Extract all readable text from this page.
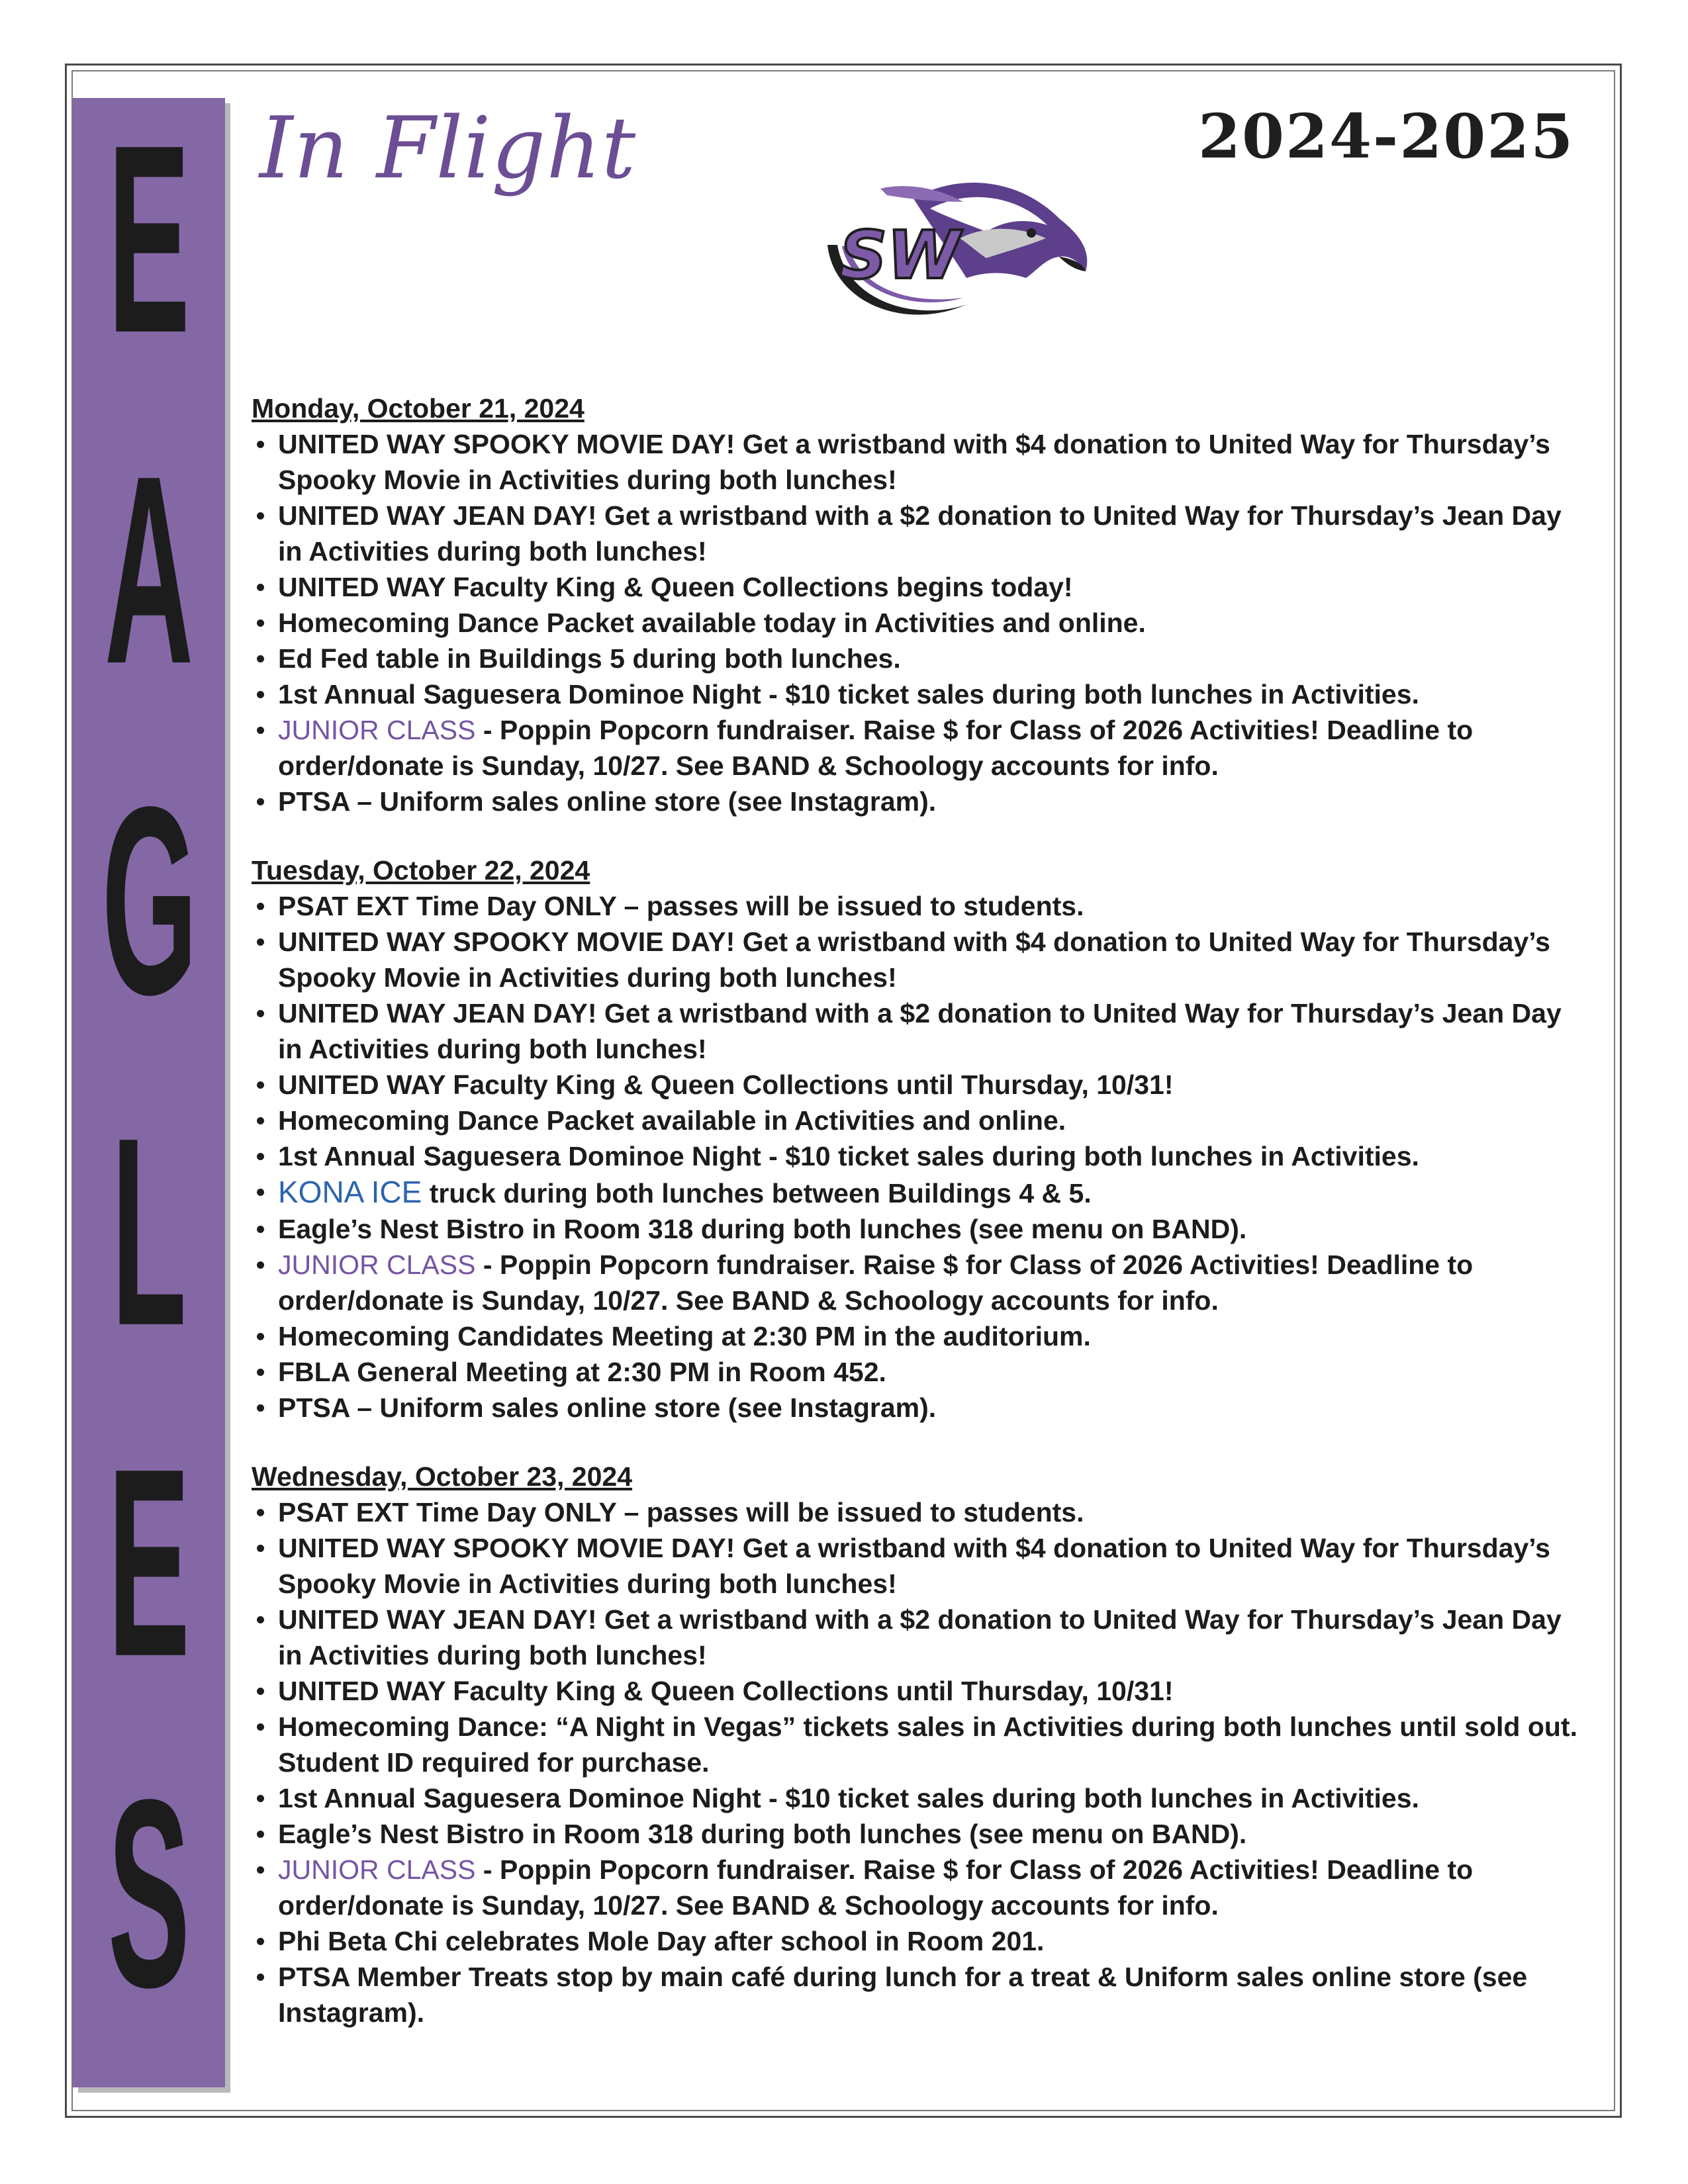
E
A
G
L
E
S
In Flight	2024-2025
SW
Monday, October 21, 2024
UNITED WAY SPOOKY MOVIE DAY! Get a wristband with $4 donation to United Way for Thursday’s Spooky Movie in Activities during both lunches!
UNITED WAY JEAN DAY! Get a wristband with a $2 donation to United Way for Thursday’s Jean Day in Activities during both lunches!
UNITED WAY Faculty King & Queen Collections begins today!
Homecoming Dance Packet available today in Activities and online.
Ed Fed table in Buildings 5 during both lunches.
1st Annual Saguesera Dominoe Night - $10 ticket sales during both lunches in Activities.
JUNIOR CLASS - Poppin Popcorn fundraiser. Raise $ for Class of 2026 Activities! Deadline to order/donate is Sunday, 10/27. See BAND & Schoology accounts for info.
PTSA – Uniform sales online store (see Instagram).
Tuesday, October 22, 2024
PSAT EXT Time Day ONLY – passes will be issued to students.
UNITED WAY SPOOKY MOVIE DAY! Get a wristband with $4 donation to United Way for Thursday’s Spooky Movie in Activities during both lunches!
UNITED WAY JEAN DAY! Get a wristband with a $2 donation to United Way for Thursday’s Jean Day in Activities during both lunches!
UNITED WAY Faculty King & Queen Collections until Thursday, 10/31!
Homecoming Dance Packet available in Activities and online.
1st Annual Saguesera Dominoe Night - $10 ticket sales during both lunches in Activities.
KONA ICE truck during both lunches between Buildings 4 & 5.
Eagle’s Nest Bistro in Room 318 during both lunches (see menu on BAND).
JUNIOR CLASS - Poppin Popcorn fundraiser. Raise $ for Class of 2026 Activities! Deadline to order/donate is Sunday, 10/27. See BAND & Schoology accounts for info.
Homecoming Candidates Meeting at 2:30 PM in the auditorium.
FBLA General Meeting at 2:30 PM in Room 452.
PTSA – Uniform sales online store (see Instagram).
Wednesday, October 23, 2024
PSAT EXT Time Day ONLY – passes will be issued to students.
UNITED WAY SPOOKY MOVIE DAY! Get a wristband with $4 donation to United Way for Thursday’s Spooky Movie in Activities during both lunches!
UNITED WAY JEAN DAY! Get a wristband with a $2 donation to United Way for Thursday’s Jean Day in Activities during both lunches!
UNITED WAY Faculty King & Queen Collections until Thursday, 10/31!
Homecoming Dance: “A Night in Vegas” tickets sales in Activities during both lunches until sold out. Student ID required for purchase.
1st Annual Saguesera Dominoe Night - $10 ticket sales during both lunches in Activities.
Eagle’s Nest Bistro in Room 318 during both lunches (see menu on BAND).
JUNIOR CLASS - Poppin Popcorn fundraiser. Raise $ for Class of 2026 Activities! Deadline to order/donate is Sunday, 10/27. See BAND & Schoology accounts for info.
Phi Beta Chi celebrates Mole Day after school in Room 201.
PTSA Member Treats stop by main café during lunch for a treat & Uniform sales online store (see Instagram).
